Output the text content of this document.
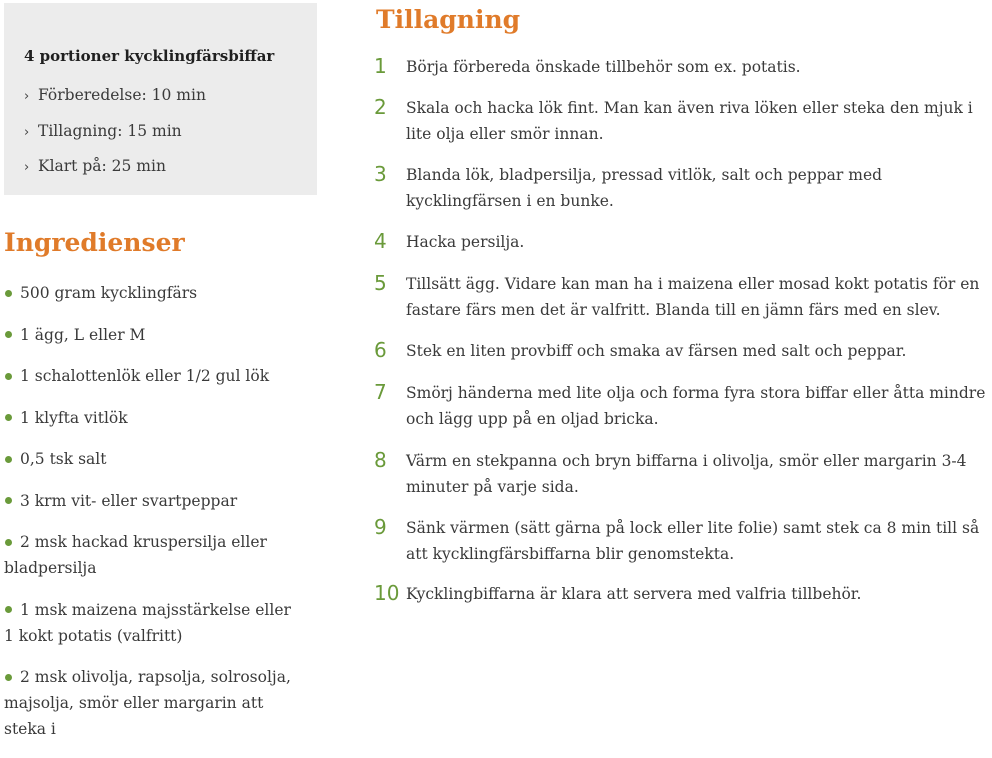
4 portioner kycklingfärsbiffar
› Förberedelse: 10 min
› Tillagning: 15 min
› Klart på: 25 min
Ingredienser
500 gram kycklingfärs
1 ägg, L eller M
1 schalottenlök eller 1/2 gul lök
1 klyfta vitlök
0,5 tsk salt
3 krm vit- eller svartpeppar
2 msk hackad kruspersilja eller bladpersilja
1 msk maizena majsstärkelse eller 1 kokt potatis (valfritt)
2 msk olivolja, rapsolja, solrosolja, majsolja, smör eller margarin att steka i
Tillagning
1 Börja förbereda önskade tillbehör som ex. potatis.
2 Skala och hacka lök fint. Man kan även riva löken eller steka den mjuk i lite olja eller smör innan.
3 Blanda lök, bladpersilja, pressad vitlök, salt och peppar med kycklingfärsen i en bunke.
4 Hacka persilja.
5 Tillsätt ägg. Vidare kan man ha i maizena eller mosad kokt potatis för en fastare färs men det är valfritt. Blanda till en jämn färs med en slev.
6 Stek en liten provbiff och smaka av färsen med salt och peppar.
7 Smörj händerna med lite olja och forma fyra stora biffar eller åtta mindre och lägg upp på en oljad bricka.
8 Värm en stekpanna och bryn biffarna i olivolja, smör eller margarin 3-4 minuter på varje sida.
9 Sänk värmen (sätt gärna på lock eller lite folie) samt stek ca 8 min till så att kycklingfärsbiffarna blir genomstekta.
10 Kycklingbiffarna är klara att servera med valfria tillbehör.
